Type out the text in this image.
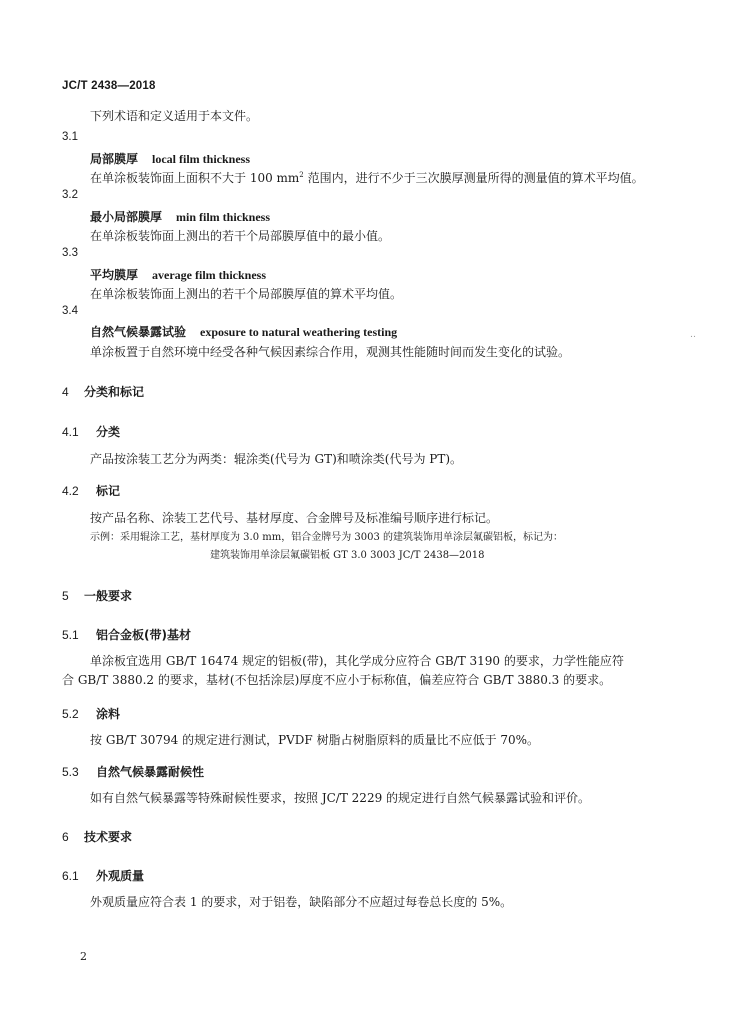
JC/T 2438—2018
下列术语和定义适用于本文件。
3.1
局部膜厚 local film thickness
在单涂板装饰面上面积不大于 100 $mm^2$ 范围内，进行不少于三次膜厚测量所得的测量值的算术平均值。
3.2
最小局部膜厚 min film thickness
在单涂板装饰面上测出的若干个局部膜厚值中的最小值。
3.3
平均膜厚 average film thickness
在单涂板装饰面上测出的若干个局部膜厚值的算术平均值。
3.4
自然气候暴露试验 exposure to natural weathering testing
单涂板置于自然环境中经受各种气候因素综合作用，观测其性能随时间而发生变化的试验。
4 分类和标记
4.1 分类
产品按涂装工艺分为两类：辊涂类(代号为 GT)和喷涂类(代号为 PT)。
4.2 标记
按产品名称、涂装工艺代号、基材厚度、合金牌号及标准编号顺序进行标记。
示例：采用辊涂工艺，基材厚度为 3.0 mm，铝合金牌号为 3003 的建筑装饰用单涂层氟碳铝板，标记为：
建筑装饰用单涂层氟碳铝板 GT 3.0 3003 JC/T 2438—2018
5 一般要求
5.1 铝合金板(带)基材
单涂板宜选用 GB/T 16474 规定的铝板(带)，其化学成分应符合 GB/T 3190 的要求，力学性能应符
合 GB/T 3880.2 的要求，基材(不包括涂层)厚度不应小于标称值，偏差应符合 GB/T 3880.3 的要求。
5.2 涂料
按 GB/T 30794 的规定进行测试，PVDF 树脂占树脂原料的质量比不应低于 70%。
5.3 自然气候暴露耐候性
如有自然气候暴露等特殊耐候性要求，按照 JC/T 2229 的规定进行自然气候暴露试验和评价。
6 技术要求
6.1 外观质量
外观质量应符合表 1 的要求，对于铝卷，缺陷部分不应超过每卷总长度的 5%。
2
‥
